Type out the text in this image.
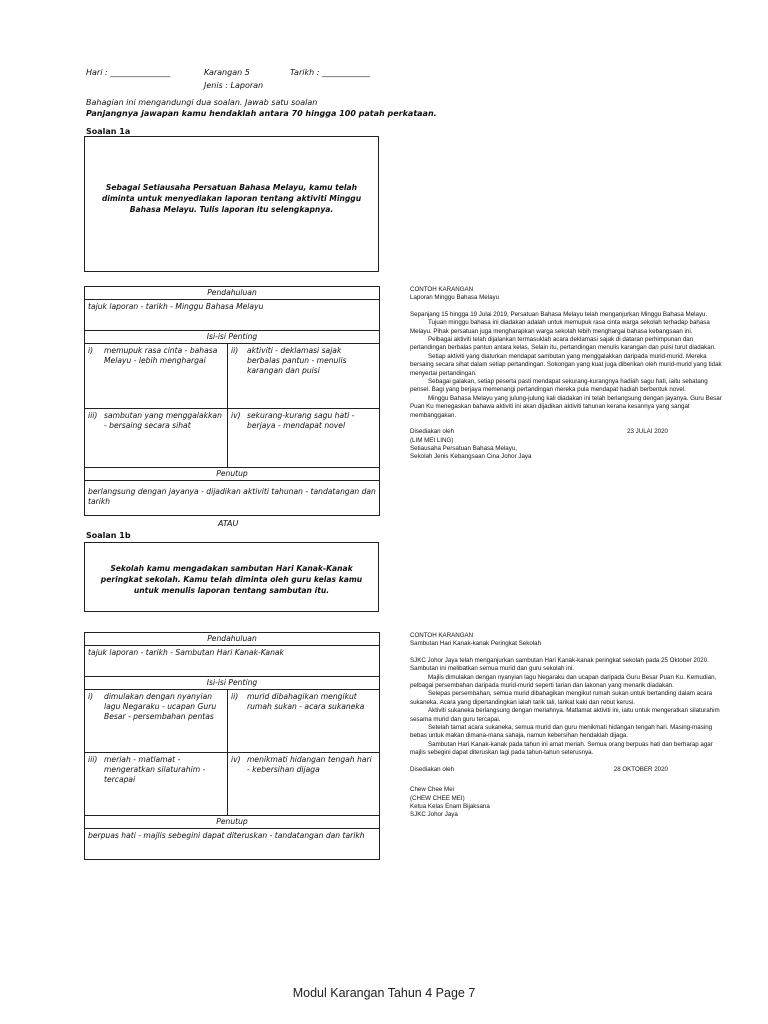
Hari : _______________	Karangan 5	Tarikh : ____________
Jenis : Laporan
Bahagian ini mengandungi dua soalan. Jawab satu soalan
Panjangnya jawapan kamu hendaklah antara 70 hingga 100 patah perkataan.
Soalan 1a
Sebagai Setiausaha Persatuan Bahasa Melayu, kamu telah diminta untuk menyediakan laporan tentang aktiviti Minggu Bahasa Melayu. Tulis laporan itu selengkapnya.
Pendahuluan	
tajuk laporan - tarikh - Minggu Bahasa Melayu	
Isi-isi Penting	

i) memupuk rasa cinta - bahasa Melayu - lebih menghargai	ii) aktiviti - deklamasi sajak berbalas pantun - menulis karangan dan puisi

iii) sambutan yang menggalakkan - bersaing secara sihat	iv) sekurang-kurang sagu hati - berjaya - mendapat novel

Penutup	
berlangsung dengan jayanya - dijadikan aktiviti tahunan - tandatangan dan tarikh	
CONTOH KARANGAN
Laporan Minggu Bahasa Melayu

Sepanjang 15 hingga 19 Julai 2019, Persatuan Bahasa Melayu telah menganjurkan Minggu Bahasa Melayu.

Tujuan minggu bahasa ini diadakan adalah untuk memupuk rasa cinta warga sekolah terhadap bahasa Melayu. Pihak persatuan juga mengharapkan warga sekolah lebih menghargai bahasa kebangsaan ini.

Pelbagai aktiviti telah dijalankan termasuklah acara deklamasi sajak di dataran perhimpunan dan pertandingan berbalas pantun antara kelas. Selain itu, pertandingan menulis karangan dan puisi turut diadakan.

Setiap aktiviti yang diaturkan mendapat sambutan yang menggalakkan daripada murid-murid. Mereka bersaing secara sihat dalam setiap pertandingan. Sokongan yang kuat juga diberikan oleh murid-murid yang tidak menyertai pertandingan.

Sebagai galakan, setiap peserta pasti mendapat sekurang-kurangnya hadiah sagu hati, iaitu sebatang pensel. Bagi yang berjaya memenangi pertandingan mereka pula mendapat hadiah berbentuk novel.

Minggu Bahasa Melayu yang julung-julung kali diadakan ini telah berlangsung dengan jayanya. Guru Besar Puan Ku menegaskan bahawa aktiviti ini akan dijadikan aktiviti tahunan kerana kesannya yang sangat membanggakan.

Disediakan oleh	23 JULAI 2020
(LIM MEI LING)
Setiausaha Persatuan Bahasa Melayu,
Sekolah Jenis Kebangsaan Cina Johor Jaya
ATAU
Soalan 1b
Sekolah kamu mengadakan sambutan Hari Kanak-Kanak peringkat sekolah. Kamu telah diminta oleh guru kelas kamu untuk menulis laporan tentang sambutan itu.
Pendahuluan	
tajuk laporan - tarikh - Sambutan Hari Kanak-Kanak	
Isi-isi Penting	

i) dimulakan dengan nyanyian lagu Negaraku - ucapan Guru Besar - persembahan pentas	ii) murid dibahagikan mengikut rumah sukan - acara sukaneka

iii) meriah - matlamat - mengeratkan silaturahim - tercapai	iv) menikmati hidangan tengah hari - kebersihan dijaga

Penutup	
berpuas hati - majlis sebegini dapat diteruskan - tandatangan dan tarikh	
CONTOH KARANGAN
Sambutan Hari Kanak-kanak Peringkat Sekolah

SJKC Johor Jaya telah menganjurkan sambutan Hari Kanak-kanak peringkat sekolah pada 25 Oktober 2020. Sambutan ini melibatkan semua murid dan guru sekolah ini.

Majlis dimulakan dengan nyanyian lagu Negaraku dan ucapan daripada Guru Besar Puan Ku. Kemudian, pelbagai persembahan daripada murid-murid seperti tarian dan lakonan yang menarik diadakan.

Selepas persembahan, semua murid dibahagikan mengikut rumah sukan untuk bertanding dalam acara sukaneka. Acara yang dipertandingkan ialah tarik tali, larikat kaki dan rebut kerusi.

Aktiviti sukaneka berlangsung dengan meriahnya. Matlamat aktiviti ini, iaitu untuk mengeratkan silaturahim sesama murid dan guru tercapai.

Setelah tamat acara sukaneka, semua murid dan guru menikmati hidangan tengah hari. Masing-masing bebas untuk makan dimana-mana sahaja, namun kebersihan hendaklah dijaga.

Sambutan Hari Kanak-kanak pada tahun ini amat meriah. Semua orang berpuas hati dan berharap agar majlis sebegini dapat diteruskan lagi pada tahun-tahun seterusnya.

Disediakan oleh	28 OKTOBER 2020
Chew Chee Mei
(CHEW CHEE MEI)
Ketua Kelas Enam Bijaksana
SJKC Johor Jaya
Modul Karangan Tahun 4 Page 7
